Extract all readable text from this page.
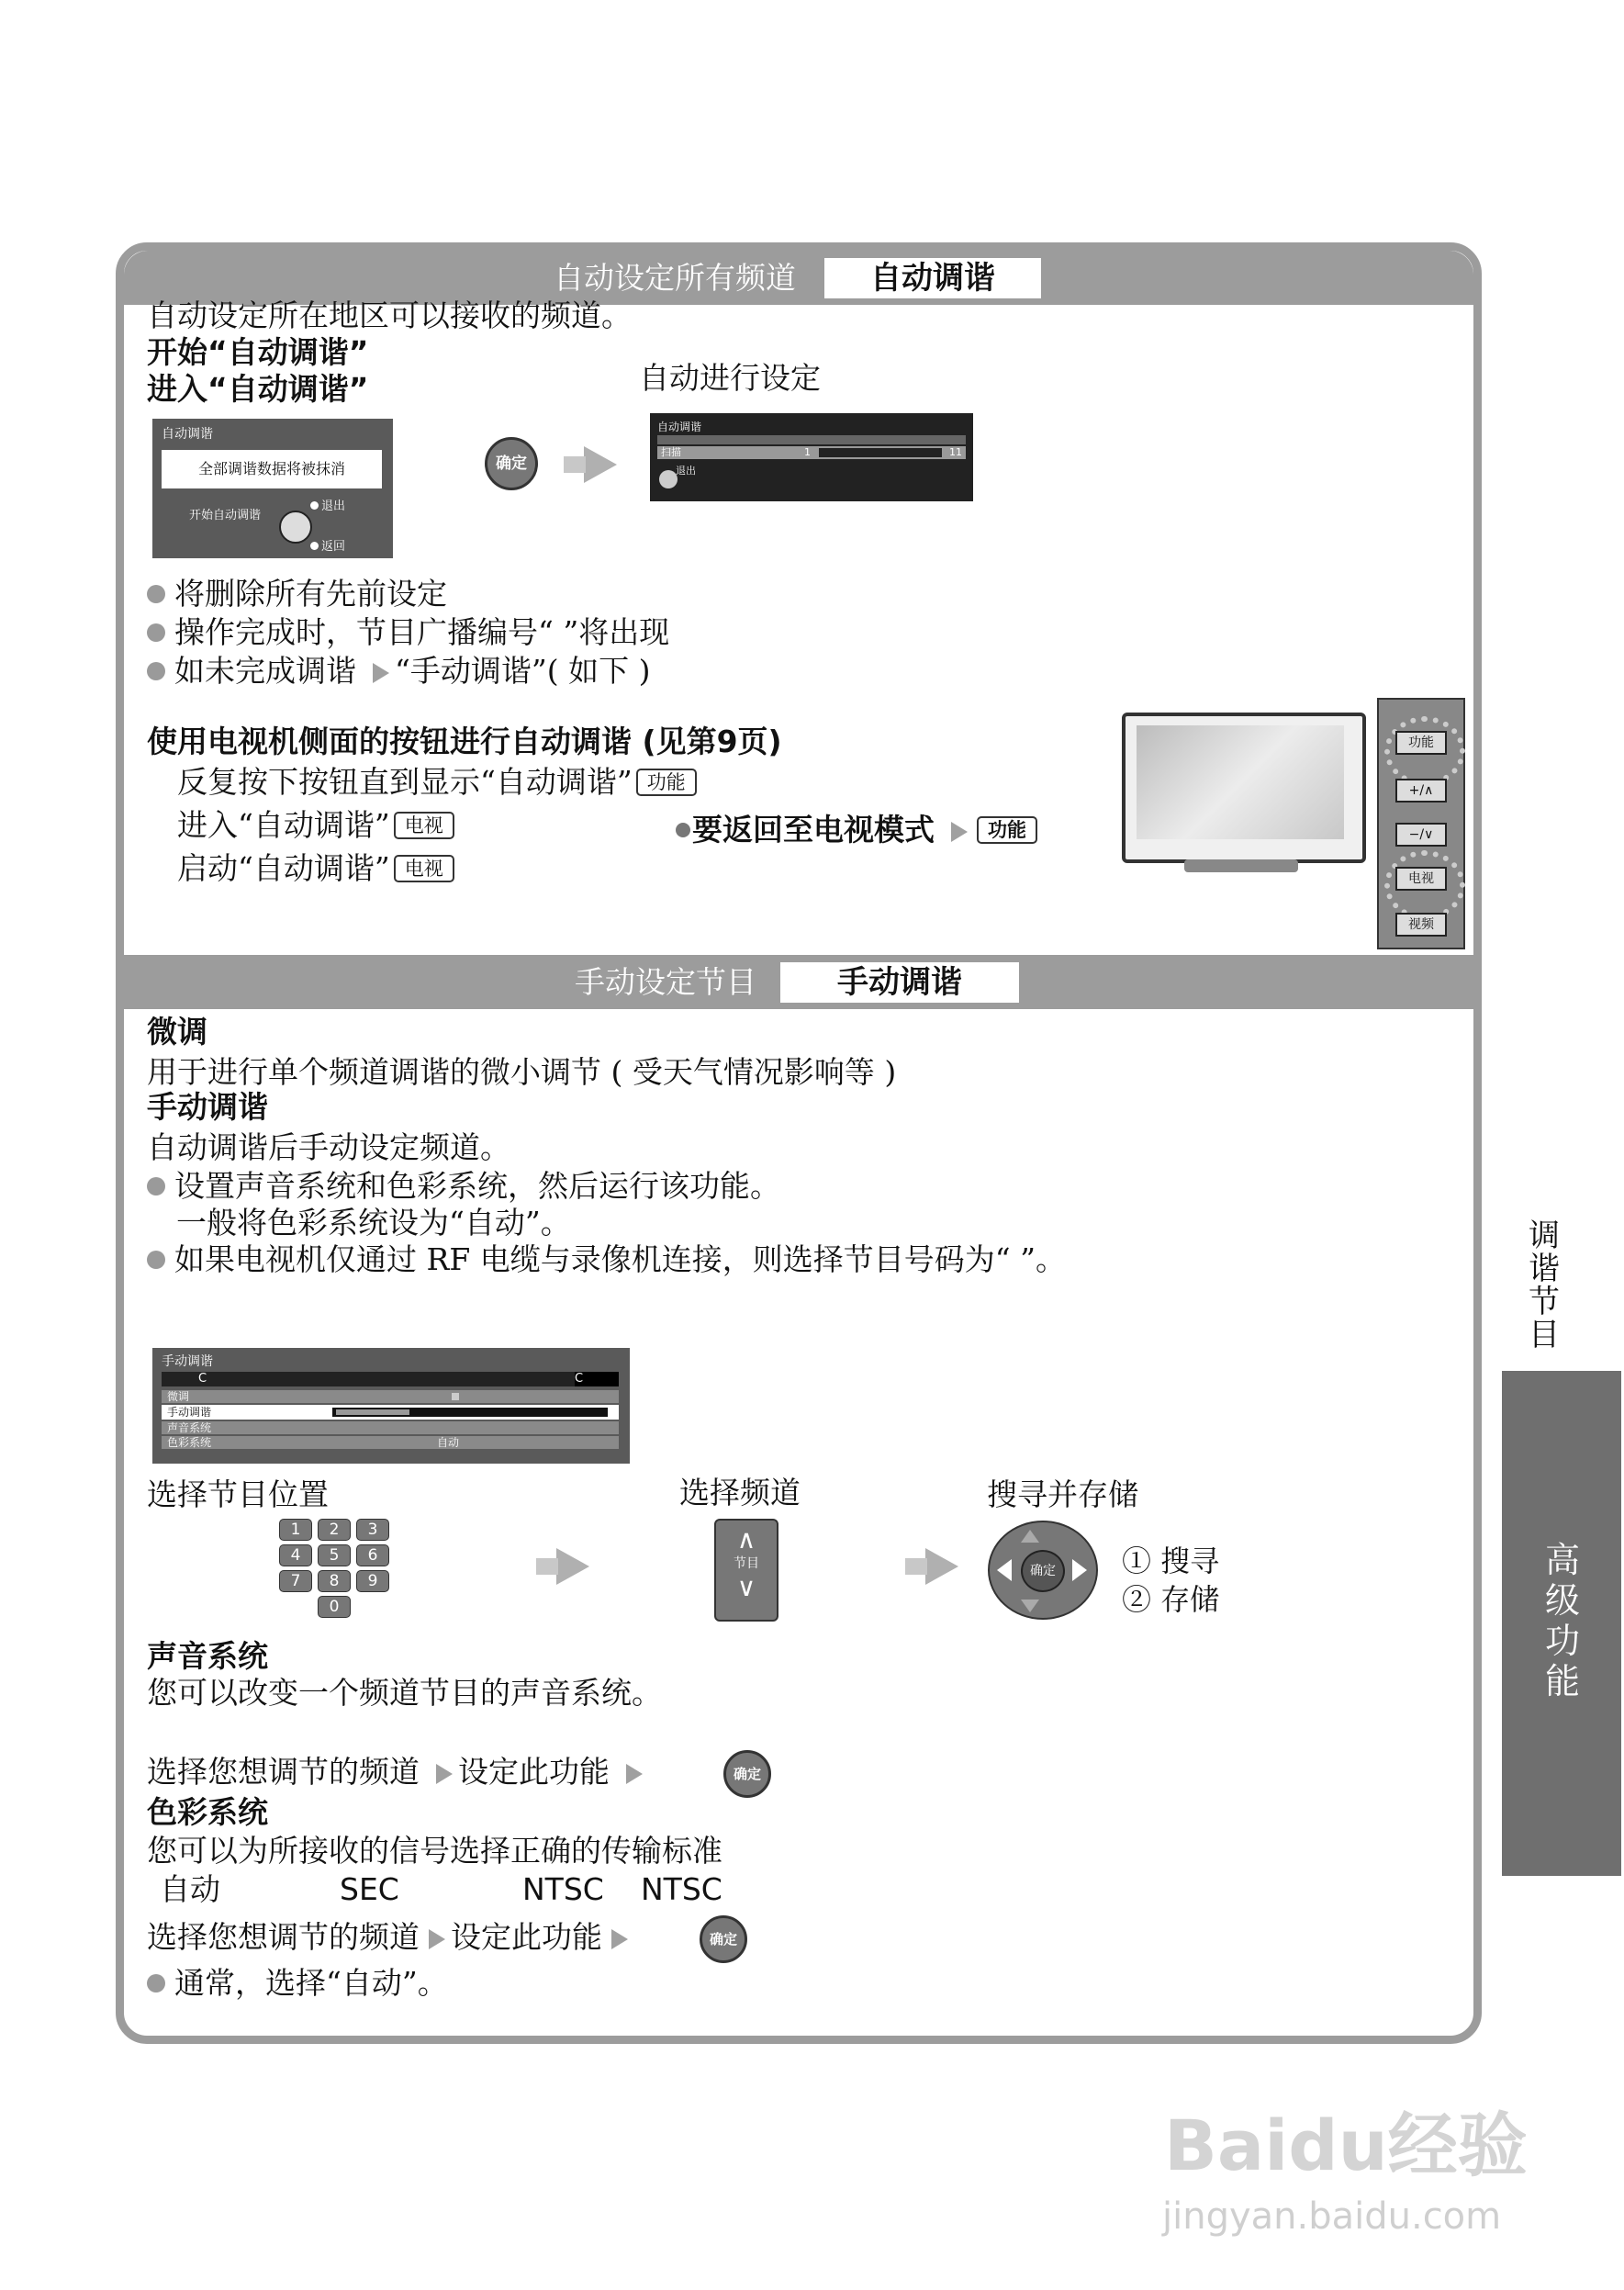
自动设定所有频道	自动调谐
自动设定所在地区可以接收的频道。
开始“自动调谐”
进入“自动调谐”	自动进行设定
自动调谐
全部调谐数据将被抹消
开始自动调谐
退出
返回
确定
自动调谐
扫描	1	11
退出
将删除所有先前设定
操作完成时，节目广播编号“ ”将出现
如未完成调谐 “手动调谐”( 如下 )
使用电视机侧面的按钮进行自动调谐 (见第9页)
反复按下按钮直到显示“自动调谐” 功能
进入“自动调谐” 电视
启动“自动调谐” 电视
要返回至电视模式	功能
功能
+/∧
−/∨
电视
视频
手动设定节目	手动调谐
微调
用于进行单个频道调谐的微小调节 ( 受天气情况影响等 )
手动调谐
自动调谐后手动设定频道。
设置声音系统和色彩系统，然后运行该功能。
一般将色彩系统设为“自动”。
如果电视机仅通过 RF 电缆与录像机连接，则选择节目号码为“ ”。
手动调谐
C	C
微调
手动调谐
声音系统
色彩系统	自动
选择节目位置	选择频道	搜寻并存储
1	2	3
4	5	6
7	8	9
0
∧
节目
∨
确定	① 搜寻
② 存储
声音系统
您可以改变一个频道节目的声音系统。
选择您想调节的频道 设定此功能	确定
色彩系统
您可以为所接收的信号选择正确的传输标准
自动	SEC	NTSC NTSC
选择您想调节的频道 设定此功能	确定
通常，选择“自动”。
调谐节目
高级功能
Baidu经验
jingyan.baidu.com
